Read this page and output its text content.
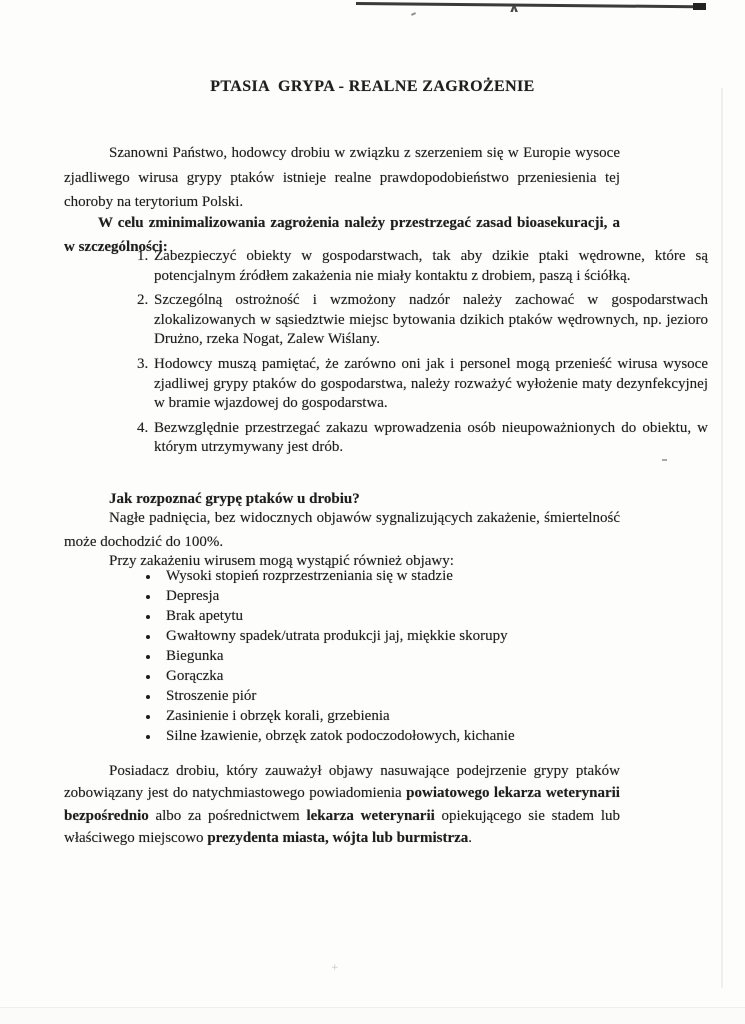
∧
+
PTASIA  GRYPA - REALNE ZAGROŻENIE

Szanowni Państwo, hodowcy drobiu w związku z szerzeniem się w Europie wysoce zjadliwego wirusa grypy ptaków istnieje realne prawdopodobieństwo przeniesienia tej choroby na terytorium Polski.

W celu zminimalizowania zagrożenia należy przestrzegać zasad bioasekuracji, a w szczególności:

1. Zabezpieczyć obiekty w gospodarstwach, tak aby dzikie ptaki wędrowne, które są potencjalnym źródłem zakażenia nie miały kontaktu z drobiem, paszą i ściółką.
2. Szczególną ostrożność i wzmożony nadzór należy zachować w gospodarstwach zlokalizowanych w sąsiedztwie miejsc bytowania dzikich ptaków wędrownych, np. jezioro Drużno, rzeka Nogat, Zalew Wiślany.
3. Hodowcy muszą pamiętać, że zarówno oni jak i personel mogą przenieść wirusa wysoce zjadliwej grypy ptaków do gospodarstwa, należy rozważyć wyłożenie maty dezynfekcyjnej w bramie wjazdowej do gospodarstwa.
4. Bezwzględnie przestrzegać zakazu wprowadzenia osób nieupoważnionych do obiektu, w którym utrzymywany jest drób.
Jak rozpoznać grypę ptaków u drobiu?

Nagłe padnięcia, bez widocznych objawów sygnalizujących zakażenie, śmiertelność może dochodzić do 100%.

Przy zakażeniu wirusem mogą wystąpić również objawy:

• Wysoki stopień rozprzestrzeniania się w stadzie
• Depresja
• Brak apetytu
• Gwałtowny spadek/utrata produkcji jaj, miękkie skorupy
• Biegunka
• Gorączka
• Stroszenie piór
• Zasinienie i obrzęk korali, grzebienia
• Silne łzawienie, obrzęk zatok podoczodołowych, kichanie

Posiadacz drobiu, który zauważył objawy nasuwające podejrzenie grypy ptaków zobowiązany jest do natychmiastowego powiadomienia powiatowego lekarza weterynarii bezpośrednio albo za pośrednictwem lekarza weterynarii opiekującego sie stadem lub właściwego miejscowo prezydenta miasta, wójta lub burmistrza.
